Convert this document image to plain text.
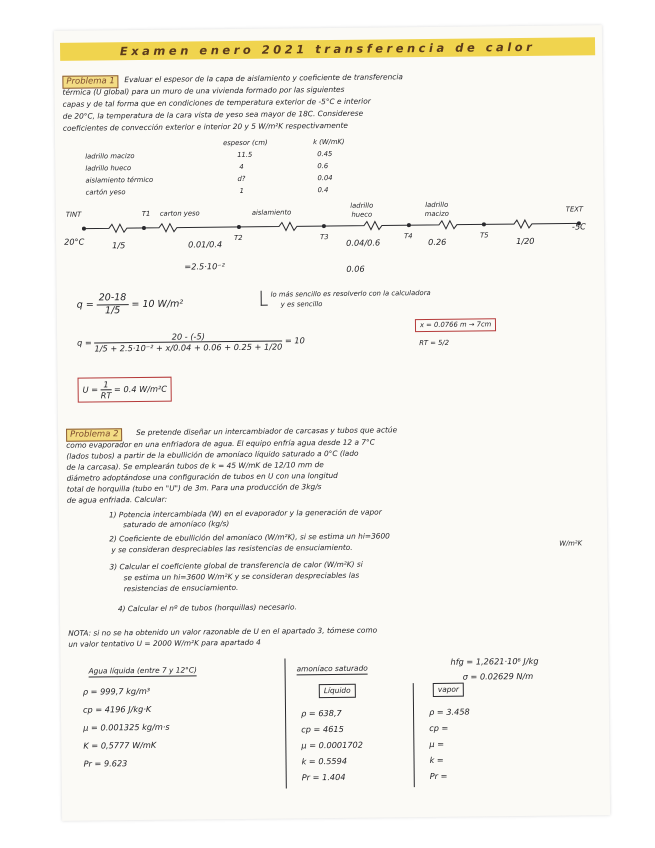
Examen enero 2021 transferencia de calor
Problema 1	Evaluar el espesor de la capa de aislamiento y coeficiente de transferencia
térmica (U global) para un muro de una vivienda formado por las siguientes
capas y de tal forma que en condiciones de temperatura exterior de -5°C e interior
de 20°C, la temperatura de la cara vista de yeso sea mayor de 18C. Considerese
coeficientes de convección exterior e interior 20 y 5 W/m²K respectivamente
espesor (cm)	k (W/mK)
ladrillo macizo	11.5	0.45
ladrillo hueco	4	0.6
aislamiento térmico	d?	0.04
cartón yeso	1	0.4
TINT	T1 carton yeso	aislamiento
ladrillo hueco
ladrillo macizo
TEXT
T2	T3	T4	T5
20°C
-5C
1/5	0.01/0.4
=2.5·10⁻²
0.04/0.6
0.06
0.26	1/20
$q = \frac{20-18}{1/5} = 10$ W/m²
lo más sencillo es resolverlo con la calculadora
y es sencillo
q =
20 - (-5)
1/5 + 2.5·10⁻² + x/0.04 + 0.06 + 0.25 + 1/20
= 10
x = 0.0766 m → 7cm
RT = 5/2
$U = \frac{1}{RT} = 0.4$ W/m²C
Problema 2	Se pretende diseñar un intercambiador de carcasas y tubos que actúe
como evaporador en una enfriadora de agua. El equipo enfría agua desde 12 a 7°C
(lados tubos) a partir de la ebullición de amoníaco líquido saturado a 0°C (lado
de la carcasa). Se emplearán tubos de k = 45 W/mK de 12/10 mm de
diámetro adoptándose una configuración de tubos en U con una longitud
total de horquilla (tubo en "U") de 3m. Para una producción de 3kg/s
de agua enfriada. Calcular:
1) Potencia intercambiada (W) en el evaporador y la generación de vapor
saturado de amoníaco (kg/s)
2) Coeficiente de ebullición del amoníaco (W/m²K), si se estima un hi=3600
y se consideran despreciables las resistencias de ensuciamiento.	W/m²K
3) Calcular el coeficiente global de transferencia de calor (W/m²K) si
se estima un hi=3600 W/m²K y se consideran despreciables las
resistencias de ensuciamiento.
4) Calcular el nº de tubos (horquillas) necesario.
NOTA: si no se ha obtenido un valor razonable de U en el apartado 3, tómese como
un valor tentativo U = 2000 W/m²K para apartado 4
Agua líquida (entre 7 y 12°C)
ρ = 999,7 kg/m³
cp = 4196 J/kg·K
μ = 0.001325 kg/m·s
K = 0,5777 W/mK
Pr = 9.623
amoníaco saturado
hfg = 1,2621·10⁶ J/kg
σ = 0.02629 N/m
Líquido
ρ = 638,7
cp = 4615
μ = 0.0001702
k = 0.5594
Pr = 1.404
vapor
ρ = 3.458
cp =
μ =
k =
Pr =
